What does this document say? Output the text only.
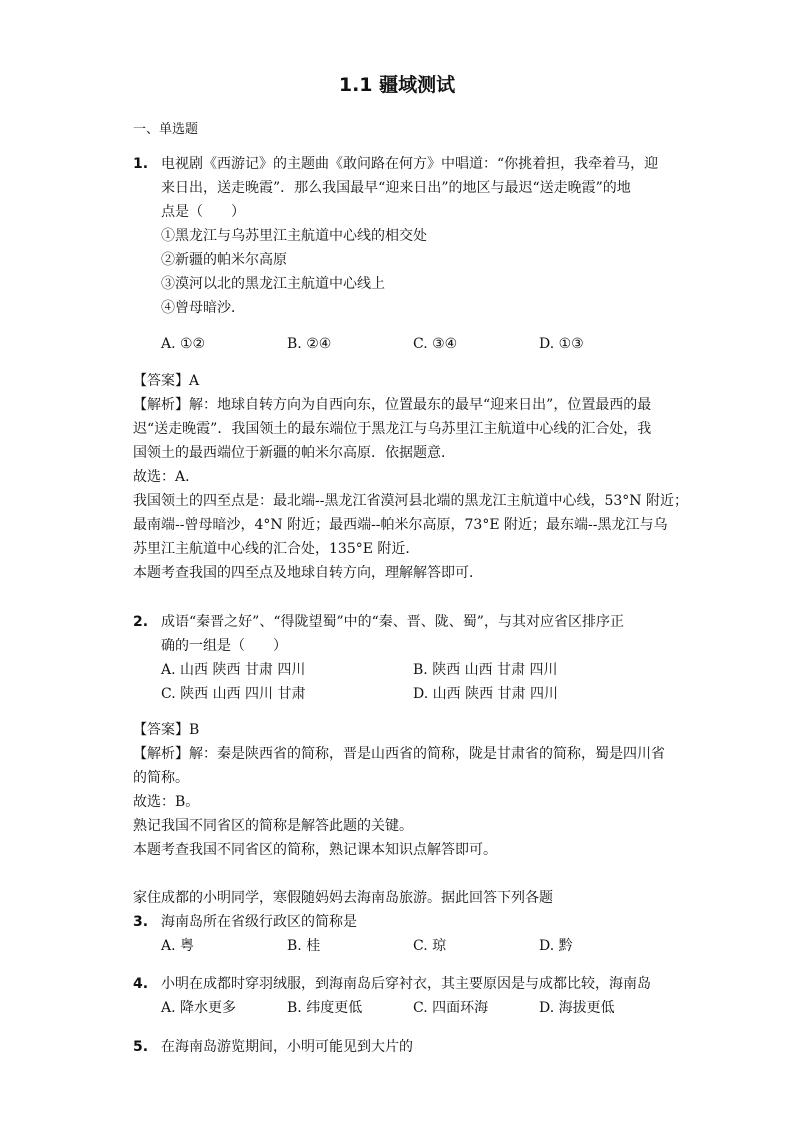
1.1 疆域测试
一、单选题
1. 电视剧《西游记》的主题曲《敢问路在何方》中唱道：“你挑着担，我牵着马，迎
来日出，送走晚霞”．那么我国最早“迎来日出”的地区与最迟“送走晚霞”的地
点是（　　）
①黑龙江与乌苏里江主航道中心线的相交处
②新疆的帕米尔高原
③漠河以北的黑龙江主航道中心线上
④曾母暗沙．
A. ①②	B. ②④	C. ③④	D. ①③
【答案】A
【解析】解：地球自转方向为自西向东，位置最东的最早“迎来日出”，位置最西的最
迟“送走晚霞”．我国领土的最东端位于黑龙江与乌苏里江主航道中心线的汇合处，我
国领土的最西端位于新疆的帕米尔高原．依据题意．
故选：A．
我国领土的四至点是：最北端--黑龙江省漠河县北端的黑龙江主航道中心线，53°N 附近；
最南端--曾母暗沙，4°N 附近；最西端--帕米尔高原，73°E 附近；最东端--黑龙江与乌
苏里江主航道中心线的汇合处，135°E 附近．
本题考查我国的四至点及地球自转方向，理解解答即可．
2. 成语“秦晋之好”、“得陇望蜀”中的“秦、晋、陇、蜀”，与其对应省区排序正
确的一组是（　　）
A. 山西 陕西 甘肃 四川	B. 陕西 山西 甘肃 四川
C. 陕西 山西 四川 甘肃	D. 山西 陕西 甘肃 四川
【答案】B
【解析】解：秦是陕西省的简称，晋是山西省的简称，陇是甘肃省的简称，蜀是四川省
的简称。
故选：B。
熟记我国不同省区的简称是解答此题的关键。
本题考查我国不同省区的简称，熟记课本知识点解答即可。
家住成都的小明同学，寒假随妈妈去海南岛旅游。据此回答下列各题
3. 海南岛所在省级行政区的简称是
A. 粤	B. 桂	C. 琼	D. 黔
4. 小明在成都时穿羽绒服，到海南岛后穿衬衣，其主要原因是与成都比较，海南岛
A. 降水更多	B. 纬度更低	C. 四面环海	D. 海拔更低
5. 在海南岛游览期间，小明可能见到大片的
